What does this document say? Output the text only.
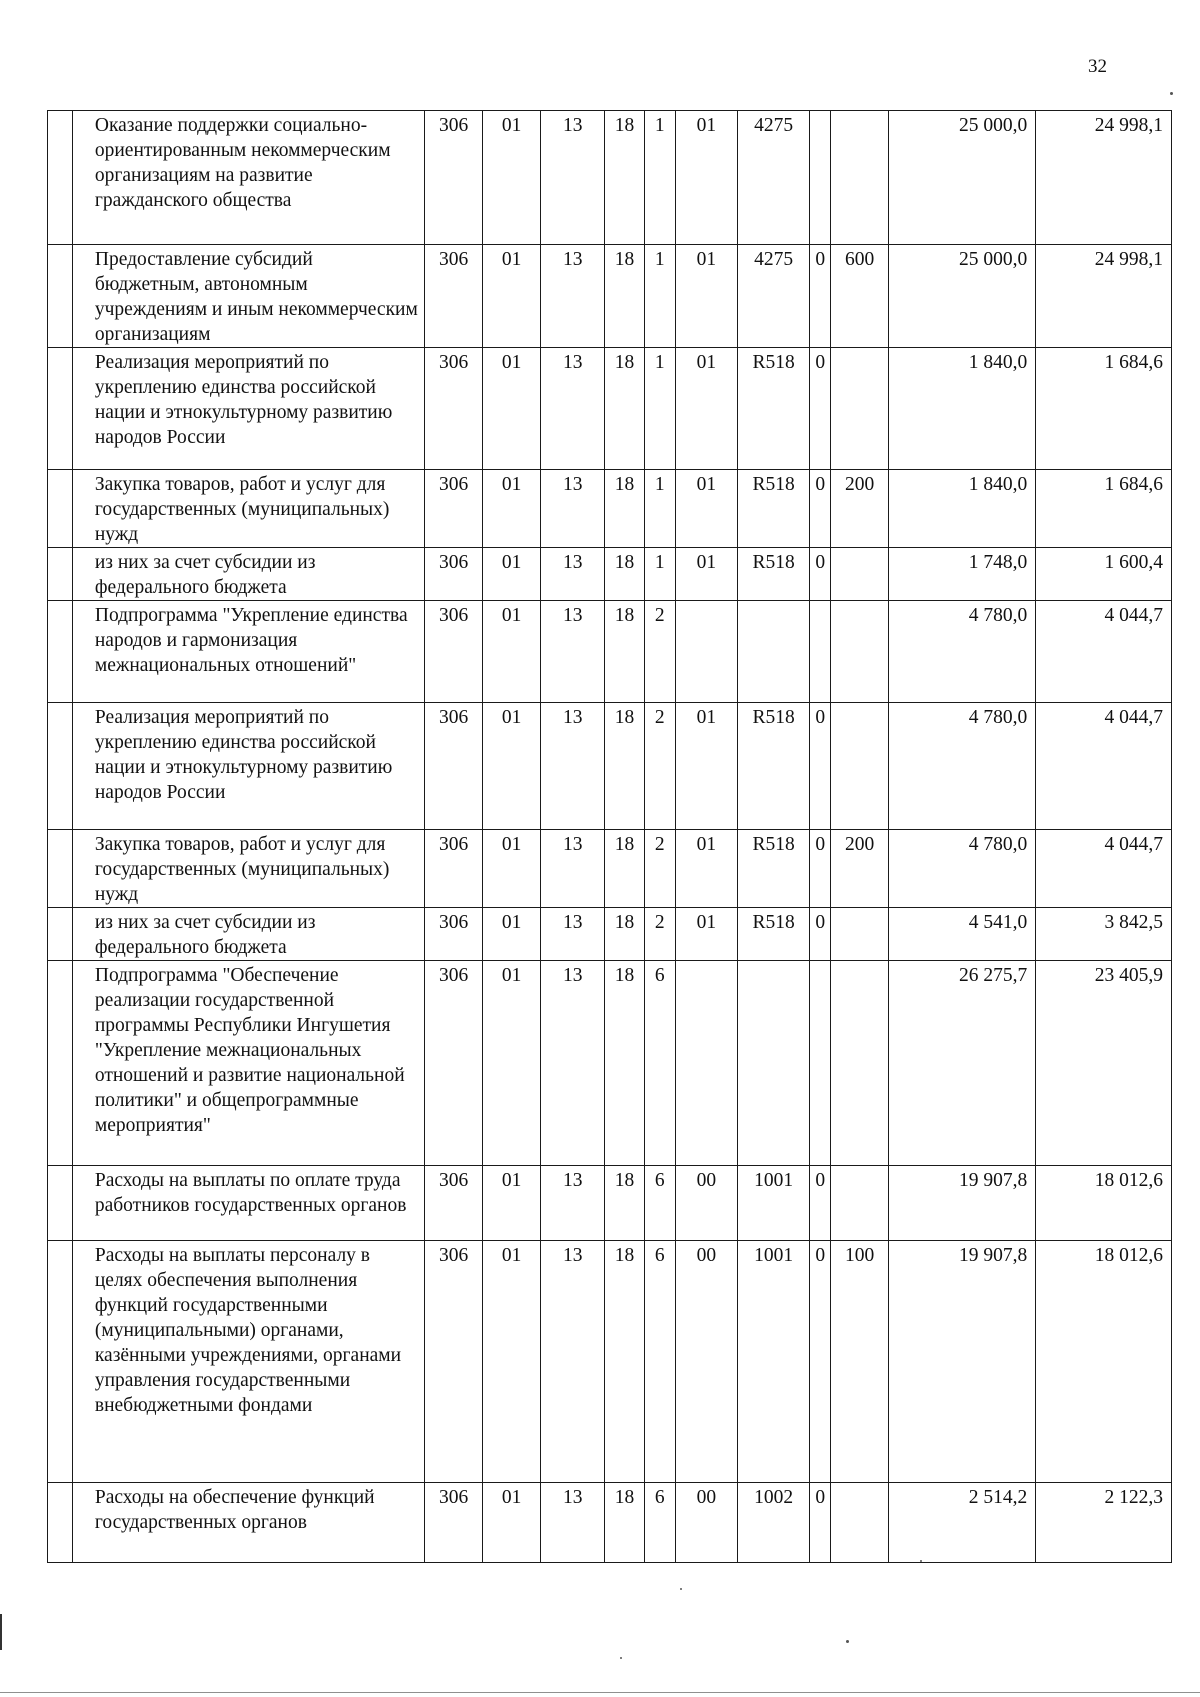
32
	Оказание поддержки социально-ориентированным некоммерческим организациям на развитие гражданского общества	306	01	13	18	1	01	4275			25 000,0	24 998,1
	Предоставление субсидий бюджетным, автономным учреждениям и иным некоммерческим организациям	306	01	13	18	1	01	4275	0	600	25 000,0	24 998,1
	Реализация мероприятий по укреплению единства российской нации и этнокультурному развитию народов России	306	01	13	18	1	01	R518	0		1 840,0	1 684,6
	Закупка товаров, работ и услуг для государственных (муниципальных) нужд	306	01	13	18	1	01	R518	0	200	1 840,0	1 684,6
	из них за счет субсидии из федерального бюджета	306	01	13	18	1	01	R518	0		1 748,0	1 600,4
	Подпрограмма "Укрепление единства народов и гармонизация межнациональных отношений"	306	01	13	18	2					4 780,0	4 044,7
	Реализация мероприятий по укреплению единства российской нации и этнокультурному развитию народов России	306	01	13	18	2	01	R518	0		4 780,0	4 044,7
	Закупка товаров, работ и услуг для государственных (муниципальных) нужд	306	01	13	18	2	01	R518	0	200	4 780,0	4 044,7
	из них за счет субсидии из федерального бюджета	306	01	13	18	2	01	R518	0		4 541,0	3 842,5
	Подпрограмма "Обеспечение реализации государственной программы Республики Ингушетия "Укрепление межнациональных отношений и развитие национальной политики" и общепрограммные мероприятия"	306	01	13	18	6					26 275,7	23 405,9
	Расходы на выплаты по оплате труда работников государственных органов	306	01	13	18	6	00	1001	0		19 907,8	18 012,6
	Расходы на выплаты персоналу в целях обеспечения выполнения функций государственными (муниципальными) органами, казёнными учреждениями, органами управления государственными внебюджетными фондами	306	01	13	18	6	00	1001	0	100	19 907,8	18 012,6
	Расходы на обеспечение функций государственных органов	306	01	13	18	6	00	1002	0		2 514,2	2 122,3
